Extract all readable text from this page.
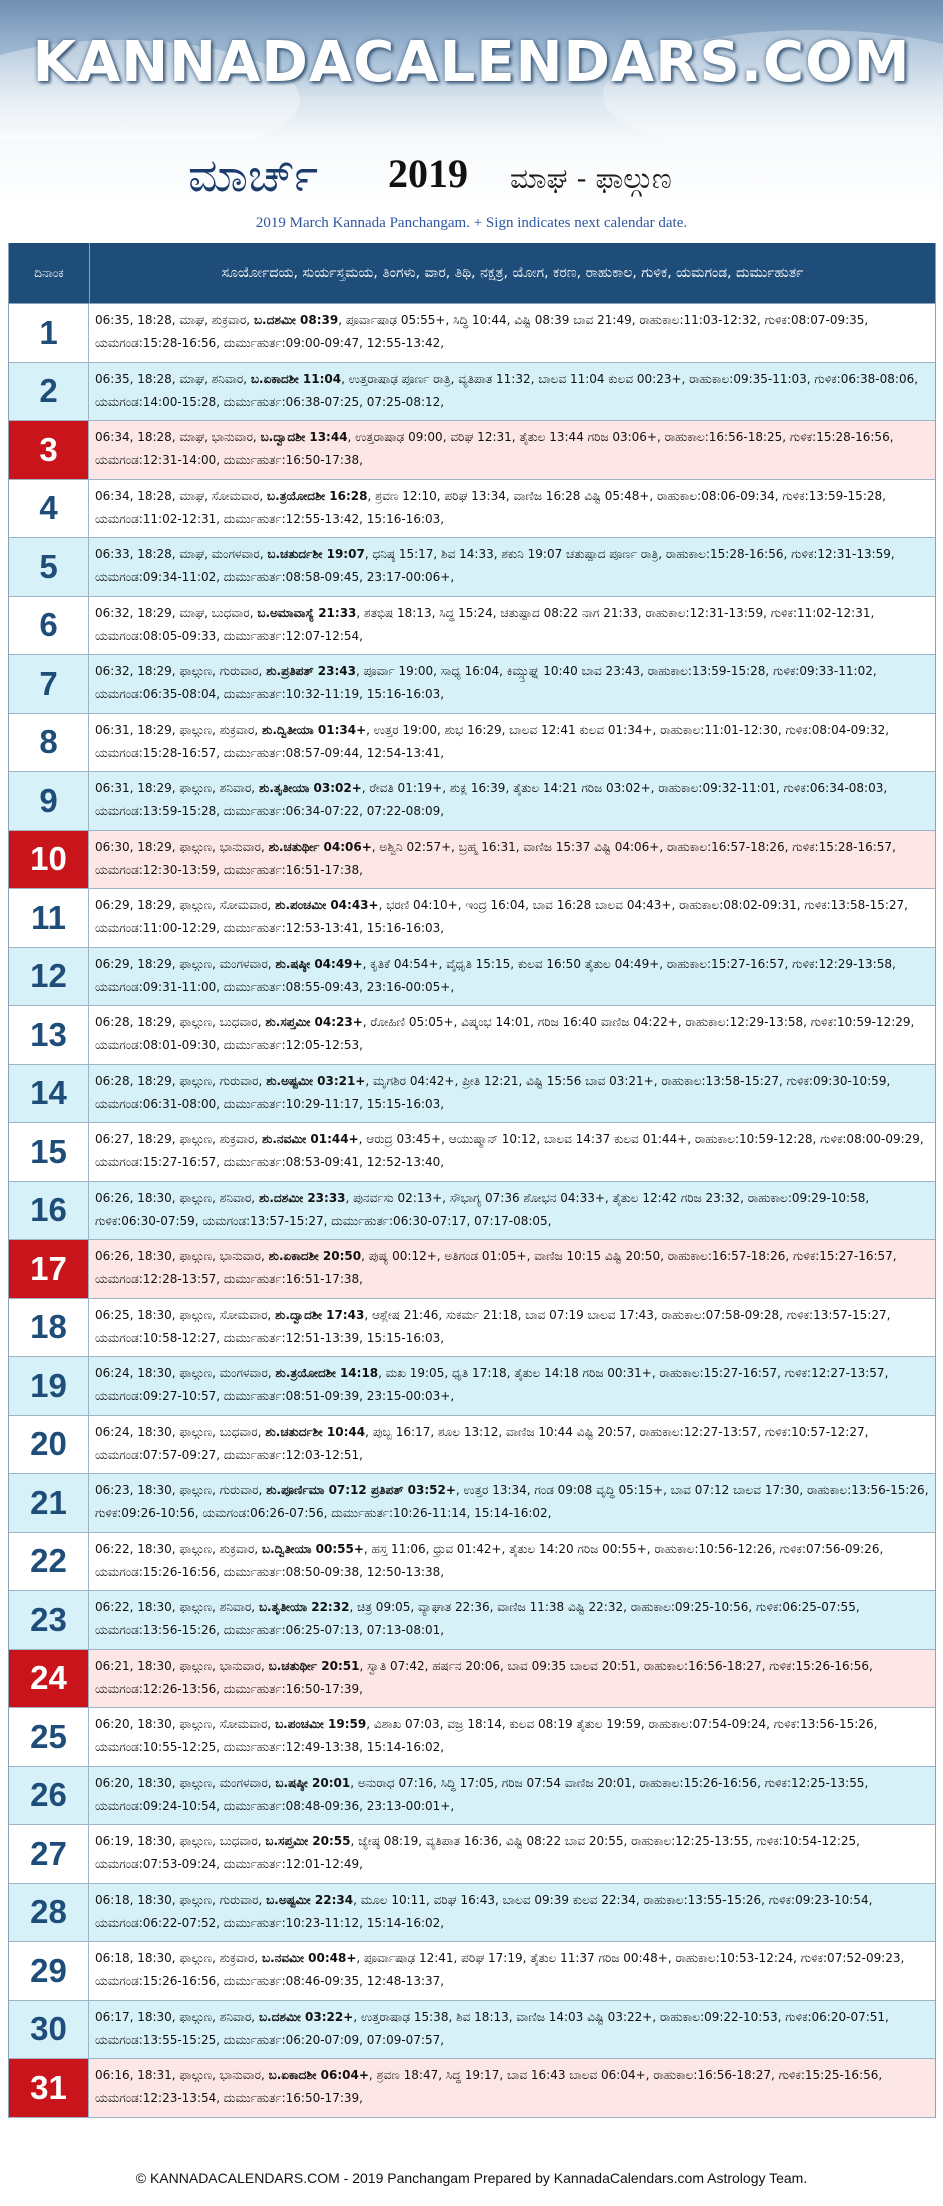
KANNADACALENDARS.COM
ಮಾರ್ಚ್ 2019 ಮಾಘ - ಫಾಲ್ಗುಣ
2019 March Kannada Panchangam. + Sign indicates next calendar date.
ದಿನಾಂಕ	ಸೂರ್ಯೋದಯ, ಸುರ್ಯಸ್ತಮಯ, ತಿಂಗಳು, ವಾರ, ತಿಥಿ, ನಕ್ಷತ್ರ, ಯೋಗ, ಕರಣ, ರಾಹುಕಾಲ, ಗುಳಿಕ, ಯಮಗಂಡ, ದುರ್ಮುಹುರ್ತ
1	06:35, 18:28, ಮಾಘ, ಶುಕ್ರವಾರ, ಬ.ದಶಮೀ 08:39, ಪೂರ್ವಾಷಾಢ 05:55+, ಸಿದ್ಧಿ 10:44, ವಿಷ್ಟಿ 08:39 ಬಾವ 21:49, ರಾಹುಕಾಲ:11:03-12:32, ಗುಳಿಕ:08:07-09:35, ಯಮಗಂಡ:15:28-16:56, ದುರ್ಮುಹುರ್ತ:09:00-09:47, 12:55-13:42,
2	06:35, 18:28, ಮಾಘ, ಶನಿವಾರ, ಬ.ಏಕಾದಶೀ 11:04, ಉತ್ತರಾಷಾಢ ಪೂರ್ಣ ರಾತ್ರಿ, ವ್ಯತಿಪಾತ 11:32, ಬಾಲವ 11:04 ಕುಲವ 00:23+, ರಾಹುಕಾಲ:09:35-11:03, ಗುಳಿಕ:06:38-08:06, ಯಮಗಂಡ:14:00-15:28, ದುರ್ಮುಹುರ್ತ:06:38-07:25, 07:25-08:12,
3	06:34, 18:28, ಮಾಘ, ಭಾನುವಾರ, ಬ.ದ್ವಾದಶೀ 13:44, ಉತ್ತರಾಷಾಢ 09:00, ವರಿಘ 12:31, ತೈತುಲ 13:44 ಗರಿಜ 03:06+, ರಾಹುಕಾಲ:16:56-18:25, ಗುಳಿಕ:15:28-16:56, ಯಮಗಂಡ:12:31-14:00, ದುರ್ಮುಹುರ್ತ:16:50-17:38,
4	06:34, 18:28, ಮಾಘ, ಸೋಮವಾರ, ಬ.ತ್ರಯೋದಶೀ 16:28, ಶ್ರವಣ 12:10, ಪರಿಘ 13:34, ವಾಣಿಜ 16:28 ವಿಷ್ಟಿ 05:48+, ರಾಹುಕಾಲ:08:06-09:34, ಗುಳಿಕ:13:59-15:28, ಯಮಗಂಡ:11:02-12:31, ದುರ್ಮುಹುರ್ತ:12:55-13:42, 15:16-16:03,
5	06:33, 18:28, ಮಾಘ, ಮಂಗಳವಾರ, ಬ.ಚತುರ್ದಶೀ 19:07, ಧನಿಷ್ಠ 15:17, ಶಿವ 14:33, ಶಕುನಿ 19:07 ಚತುಷ್ಪಾದ ಪೂರ್ಣ ರಾತ್ರಿ, ರಾಹುಕಾಲ:15:28-16:56, ಗುಳಿಕ:12:31-13:59, ಯಮಗಂಡ:09:34-11:02, ದುರ್ಮುಹುರ್ತ:08:58-09:45, 23:17-00:06+,
6	06:32, 18:29, ಮಾಘ, ಬುಧವಾರ, ಬ.ಅಮಾವಾಸ್ಯೆ 21:33, ಶತಭಿಷ 18:13, ಸಿದ್ಧ 15:24, ಚತುಷ್ಪಾದ 08:22 ನಾಗ 21:33, ರಾಹುಕಾಲ:12:31-13:59, ಗುಳಿಕ:11:02-12:31, ಯಮಗಂಡ:08:05-09:33, ದುರ್ಮುಹುರ್ತ:12:07-12:54,
7	06:32, 18:29, ಫಾಲ್ಗುಣ, ಗುರುವಾರ, ಶು.ಪ್ರತಿಪತ್ 23:43, ಪೂರ್ವಾ 19:00, ಸಾಧ್ಯ 16:04, ಕಿಮ್ಸ್ತುಘ್ನ 10:40 ಬಾವ 23:43, ರಾಹುಕಾಲ:13:59-15:28, ಗುಳಿಕ:09:33-11:02, ಯಮಗಂಡ:06:35-08:04, ದುರ್ಮುಹುರ್ತ:10:32-11:19, 15:16-16:03,
8	06:31, 18:29, ಫಾಲ್ಗುಣ, ಶುಕ್ರವಾರ, ಶು.ದ್ವಿತೀಯಾ 01:34+, ಉತ್ತರ 19:00, ಶುಭ 16:29, ಬಾಲವ 12:41 ಕುಲವ 01:34+, ರಾಹುಕಾಲ:11:01-12:30, ಗುಳಿಕ:08:04-09:32, ಯಮಗಂಡ:15:28-16:57, ದುರ್ಮುಹುರ್ತ:08:57-09:44, 12:54-13:41,
9	06:31, 18:29, ಫಾಲ್ಗುಣ, ಶನಿವಾರ, ಶು.ತೃತೀಯಾ 03:02+, ರೇವತಿ 01:19+, ಶುಕ್ಲ 16:39, ತೈತುಲ 14:21 ಗರಿಜ 03:02+, ರಾಹುಕಾಲ:09:32-11:01, ಗುಳಿಕ:06:34-08:03, ಯಮಗಂಡ:13:59-15:28, ದುರ್ಮುಹುರ್ತ:06:34-07:22, 07:22-08:09,
10	06:30, 18:29, ಫಾಲ್ಗುಣ, ಭಾನುವಾರ, ಶು.ಚತುರ್ಥೀ 04:06+, ಅಶ್ವಿನಿ 02:57+, ಬ್ರಹ್ಮ 16:31, ವಾಣಿಜ 15:37 ವಿಷ್ಟಿ 04:06+, ರಾಹುಕಾಲ:16:57-18:26, ಗುಳಿಕ:15:28-16:57, ಯಮಗಂಡ:12:30-13:59, ದುರ್ಮುಹುರ್ತ:16:51-17:38,
11	06:29, 18:29, ಫಾಲ್ಗುಣ, ಸೋಮವಾರ, ಶು.ಪಂಚಮೀ 04:43+, ಭರಣಿ 04:10+, ಇಂದ್ರ 16:04, ಬಾವ 16:28 ಬಾಲವ 04:43+, ರಾಹುಕಾಲ:08:02-09:31, ಗುಳಿಕ:13:58-15:27, ಯಮಗಂಡ:11:00-12:29, ದುರ್ಮುಹುರ್ತ:12:53-13:41, 15:16-16:03,
12	06:29, 18:29, ಫಾಲ್ಗುಣ, ಮಂಗಳವಾರ, ಶು.ಷಷ್ಠೀ 04:49+, ಕೃತಿಕೆ 04:54+, ವೈಧೃತಿ 15:15, ಕುಲವ 16:50 ತೈತುಲ 04:49+, ರಾಹುಕಾಲ:15:27-16:57, ಗುಳಿಕ:12:29-13:58, ಯಮಗಂಡ:09:31-11:00, ದುರ್ಮುಹುರ್ತ:08:55-09:43, 23:16-00:05+,
13	06:28, 18:29, ಫಾಲ್ಗುಣ, ಬುಧವಾರ, ಶು.ಸಪ್ತಮೀ 04:23+, ರೋಹಿಣಿ 05:05+, ವಿಷ್ಕಂಭ 14:01, ಗರಿಜ 16:40 ವಾಣಿಜ 04:22+, ರಾಹುಕಾಲ:12:29-13:58, ಗುಳಿಕ:10:59-12:29, ಯಮಗಂಡ:08:01-09:30, ದುರ್ಮುಹುರ್ತ:12:05-12:53,
14	06:28, 18:29, ಫಾಲ್ಗುಣ, ಗುರುವಾರ, ಶು.ಅಷ್ಟಮೀ 03:21+, ಮೃಗಶಿರ 04:42+, ಪ್ರೀತಿ 12:21, ವಿಷ್ಟಿ 15:56 ಬಾವ 03:21+, ರಾಹುಕಾಲ:13:58-15:27, ಗುಳಿಕ:09:30-10:59, ಯಮಗಂಡ:06:31-08:00, ದುರ್ಮುಹುರ್ತ:10:29-11:17, 15:15-16:03,
15	06:27, 18:29, ಫಾಲ್ಗುಣ, ಶುಕ್ರವಾರ, ಶು.ನವಮೀ 01:44+, ಆರುದ್ರ 03:45+, ಆಯುಷ್ಮಾನ್ 10:12, ಬಾಲವ 14:37 ಕುಲವ 01:44+, ರಾಹುಕಾಲ:10:59-12:28, ಗುಳಿಕ:08:00-09:29, ಯಮಗಂಡ:15:27-16:57, ದುರ್ಮುಹುರ್ತ:08:53-09:41, 12:52-13:40,
16	06:26, 18:30, ಫಾಲ್ಗುಣ, ಶನಿವಾರ, ಶು.ದಶಮೀ 23:33, ಪುನರ್ವಸು 02:13+, ಸೌಭಾಗ್ಯ 07:36 ಶೋಭನ 04:33+, ತೈತುಲ 12:42 ಗರಿಜ 23:32, ರಾಹುಕಾಲ:09:29-10:58, ಗುಳಿಕ:06:30-07:59, ಯಮಗಂಡ:13:57-15:27, ದುರ್ಮುಹುರ್ತ:06:30-07:17, 07:17-08:05,
17	06:26, 18:30, ಫಾಲ್ಗುಣ, ಭಾನುವಾರ, ಶು.ಏಕಾದಶೀ 20:50, ಪುಷ್ಯ 00:12+, ಅತಿಗಂಡ 01:05+, ವಾಣಿಜ 10:15 ವಿಷ್ಟಿ 20:50, ರಾಹುಕಾಲ:16:57-18:26, ಗುಳಿಕ:15:27-16:57, ಯಮಗಂಡ:12:28-13:57, ದುರ್ಮುಹುರ್ತ:16:51-17:38,
18	06:25, 18:30, ಫಾಲ್ಗುಣ, ಸೋಮವಾರ, ಶು.ದ್ವಾದಶೀ 17:43, ಆಶ್ಲೇಷ 21:46, ಸುಕರ್ಮ 21:18, ಬಾವ 07:19 ಬಾಲವ 17:43, ರಾಹುಕಾಲ:07:58-09:28, ಗುಳಿಕ:13:57-15:27, ಯಮಗಂಡ:10:58-12:27, ದುರ್ಮುಹುರ್ತ:12:51-13:39, 15:15-16:03,
19	06:24, 18:30, ಫಾಲ್ಗುಣ, ಮಂಗಳವಾರ, ಶು.ತ್ರಯೋದಶೀ 14:18, ಮಖ 19:05, ಧೃತಿ 17:18, ತೈತುಲ 14:18 ಗರಿಜ 00:31+, ರಾಹುಕಾಲ:15:27-16:57, ಗುಳಿಕ:12:27-13:57, ಯಮಗಂಡ:09:27-10:57, ದುರ್ಮುಹುರ್ತ:08:51-09:39, 23:15-00:03+,
20	06:24, 18:30, ಫಾಲ್ಗುಣ, ಬುಧವಾರ, ಶು.ಚತುರ್ದಶೀ 10:44, ಪುಬ್ಬ 16:17, ಶೂಲ 13:12, ವಾಣಿಜ 10:44 ವಿಷ್ಟಿ 20:57, ರಾಹುಕಾಲ:12:27-13:57, ಗುಳಿಕ:10:57-12:27, ಯಮಗಂಡ:07:57-09:27, ದುರ್ಮುಹುರ್ತ:12:03-12:51,
21	06:23, 18:30, ಫಾಲ್ಗುಣ, ಗುರುವಾರ, ಶು.ಪೂರ್ಣಿಮಾ 07:12 ಪ್ರತಿಪತ್ 03:52+, ಉತ್ತರ 13:34, ಗಂಡ 09:08 ವೃದ್ಧಿ 05:15+, ಬಾವ 07:12 ಬಾಲವ 17:30, ರಾಹುಕಾಲ:13:56-15:26, ಗುಳಿಕ:09:26-10:56, ಯಮಗಂಡ:06:26-07:56, ದುರ್ಮುಹುರ್ತ:10:26-11:14, 15:14-16:02,
22	06:22, 18:30, ಫಾಲ್ಗುಣ, ಶುಕ್ರವಾರ, ಬ.ದ್ವಿತೀಯಾ 00:55+, ಹಸ್ತ 11:06, ಧ್ರುವ 01:42+, ತೈತುಲ 14:20 ಗರಿಜ 00:55+, ರಾಹುಕಾಲ:10:56-12:26, ಗುಳಿಕ:07:56-09:26, ಯಮಗಂಡ:15:26-16:56, ದುರ್ಮುಹುರ್ತ:08:50-09:38, 12:50-13:38,
23	06:22, 18:30, ಫಾಲ್ಗುಣ, ಶನಿವಾರ, ಬ.ತೃತೀಯಾ 22:32, ಚಿತ್ರ 09:05, ವ್ಯಾಘಾತ 22:36, ವಾಣಿಜ 11:38 ವಿಷ್ಟಿ 22:32, ರಾಹುಕಾಲ:09:25-10:56, ಗುಳಿಕ:06:25-07:55, ಯಮಗಂಡ:13:56-15:26, ದುರ್ಮುಹುರ್ತ:06:25-07:13, 07:13-08:01,
24	06:21, 18:30, ಫಾಲ್ಗುಣ, ಭಾನುವಾರ, ಬ.ಚತುರ್ಥೀ 20:51, ಸ್ವಾತಿ 07:42, ಹರ್ಷನ 20:06, ಬಾವ 09:35 ಬಾಲವ 20:51, ರಾಹುಕಾಲ:16:56-18:27, ಗುಳಿಕ:15:26-16:56, ಯಮಗಂಡ:12:26-13:56, ದುರ್ಮುಹುರ್ತ:16:50-17:39,
25	06:20, 18:30, ಫಾಲ್ಗುಣ, ಸೋಮವಾರ, ಬ.ಪಂಚಮೀ 19:59, ವಿಶಾಖ 07:03, ವಜ್ರ 18:14, ಕುಲವ 08:19 ತೈತುಲ 19:59, ರಾಹುಕಾಲ:07:54-09:24, ಗುಳಿಕ:13:56-15:26, ಯಮಗಂಡ:10:55-12:25, ದುರ್ಮುಹುರ್ತ:12:49-13:38, 15:14-16:02,
26	06:20, 18:30, ಫಾಲ್ಗುಣ, ಮಂಗಳವಾರ, ಬ.ಷಷ್ಠೀ 20:01, ಅನುರಾಧ 07:16, ಸಿದ್ಧಿ 17:05, ಗರಿಜ 07:54 ವಾಣಿಜ 20:01, ರಾಹುಕಾಲ:15:26-16:56, ಗುಳಿಕ:12:25-13:55, ಯಮಗಂಡ:09:24-10:54, ದುರ್ಮುಹುರ್ತ:08:48-09:36, 23:13-00:01+,
27	06:19, 18:30, ಫಾಲ್ಗುಣ, ಬುಧವಾರ, ಬ.ಸಪ್ತಮೀ 20:55, ಜ್ಯೇಷ್ಠ 08:19, ವ್ಯತಿಪಾತ 16:36, ವಿಷ್ಟಿ 08:22 ಬಾವ 20:55, ರಾಹುಕಾಲ:12:25-13:55, ಗುಳಿಕ:10:54-12:25, ಯಮಗಂಡ:07:53-09:24, ದುರ್ಮುಹುರ್ತ:12:01-12:49,
28	06:18, 18:30, ಫಾಲ್ಗುಣ, ಗುರುವಾರ, ಬ.ಅಷ್ಟಮೀ 22:34, ಮೂಲ 10:11, ವರಿಘ 16:43, ಬಾಲವ 09:39 ಕುಲವ 22:34, ರಾಹುಕಾಲ:13:55-15:26, ಗುಳಿಕ:09:23-10:54, ಯಮಗಂಡ:06:22-07:52, ದುರ್ಮುಹುರ್ತ:10:23-11:12, 15:14-16:02,
29	06:18, 18:30, ಫಾಲ್ಗುಣ, ಶುಕ್ರವಾರ, ಬ.ನವಮೀ 00:48+, ಪೂರ್ವಾಷಾಢ 12:41, ಪರಿಘ 17:19, ತೈತುಲ 11:37 ಗರಿಜ 00:48+, ರಾಹುಕಾಲ:10:53-12:24, ಗುಳಿಕ:07:52-09:23, ಯಮಗಂಡ:15:26-16:56, ದುರ್ಮುಹುರ್ತ:08:46-09:35, 12:48-13:37,
30	06:17, 18:30, ಫಾಲ್ಗುಣ, ಶನಿವಾರ, ಬ.ದಶಮೀ 03:22+, ಉತ್ತರಾಷಾಢ 15:38, ಶಿವ 18:13, ವಾಣಿಜ 14:03 ವಿಷ್ಟಿ 03:22+, ರಾಹುಕಾಲ:09:22-10:53, ಗುಳಿಕ:06:20-07:51, ಯಮಗಂಡ:13:55-15:25, ದುರ್ಮುಹುರ್ತ:06:20-07:09, 07:09-07:57,
31	06:16, 18:31, ಫಾಲ್ಗುಣ, ಭಾನುವಾರ, ಬ.ಏಕಾದಶೀ 06:04+, ಶ್ರವಣ 18:47, ಸಿದ್ಧ 19:17, ಬಾವ 16:43 ಬಾಲವ 06:04+, ರಾಹುಕಾಲ:16:56-18:27, ಗುಳಿಕ:15:25-16:56, ಯಮಗಂಡ:12:23-13:54, ದುರ್ಮುಹುರ್ತ:16:50-17:39,
© KANNADACALENDARS.COM - 2019 Panchangam Prepared by KannadaCalendars.com Astrology Team.
